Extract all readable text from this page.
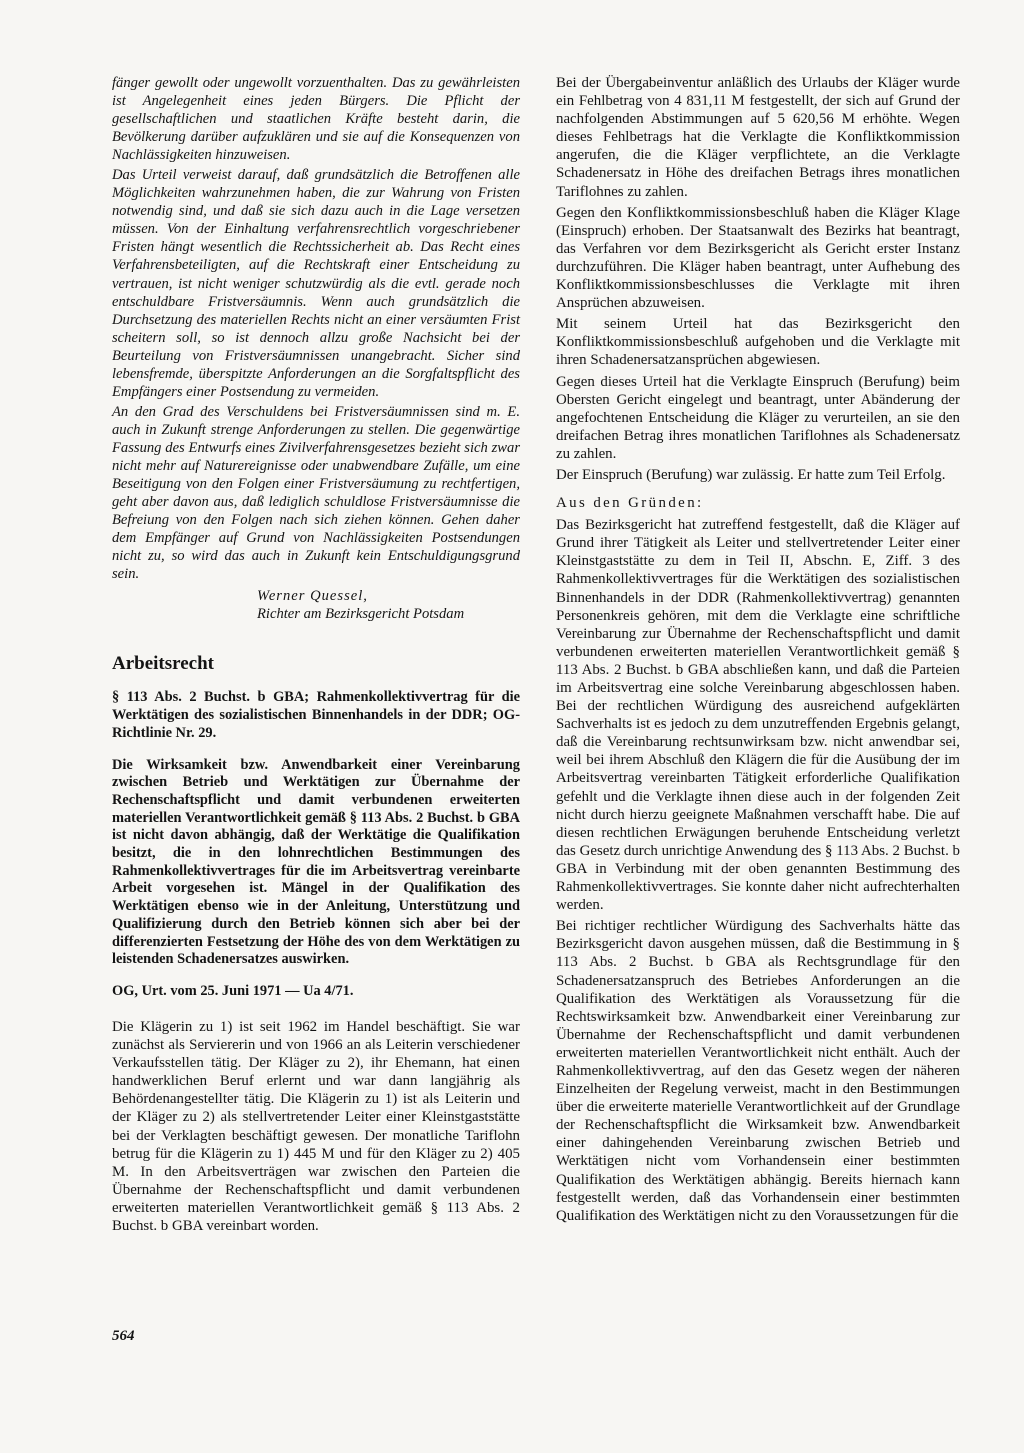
fänger gewollt oder ungewollt vorzuenthalten. Das zu gewährleisten ist Angelegenheit eines jeden Bürgers. Die Pflicht der gesellschaftlichen und staatlichen Kräfte besteht darin, die Bevölkerung darüber aufzuklären und sie auf die Konsequenzen von Nachlässigkeiten hinzuweisen.

Das Urteil verweist darauf, daß grundsätzlich die Betroffenen alle Möglichkeiten wahrzunehmen haben, die zur Wahrung von Fristen notwendig sind, und daß sie sich dazu auch in die Lage versetzen müssen. Von der Einhaltung verfahrensrechtlich vorgeschriebener Fristen hängt wesentlich die Rechtssicherheit ab. Das Recht eines Verfahrensbeteiligten, auf die Rechtskraft einer Entscheidung zu vertrauen, ist nicht weniger schutzwürdig als die evtl. gerade noch entschuldbare Fristversäumnis. Wenn auch grundsätzlich die Durchsetzung des materiellen Rechts nicht an einer versäumten Frist scheitern soll, so ist dennoch allzu große Nachsicht bei der Beurteilung von Fristversäumnissen unangebracht. Sicher sind lebensfremde, überspitzte Anforderungen an die Sorgfaltspflicht des Empfängers einer Postsendung zu vermeiden.

An den Grad des Verschuldens bei Fristversäumnissen sind m. E. auch in Zukunft strenge Anforderungen zu stellen. Die gegenwärtige Fassung des Entwurfs eines Zivilverfahrensgesetzes bezieht sich zwar nicht mehr auf Naturereignisse oder unabwendbare Zufälle, um eine Beseitigung von den Folgen einer Fristversäumung zu rechtfertigen, geht aber davon aus, daß lediglich schuldlose Fristversäumnisse die Befreiung von den Folgen nach sich ziehen können. Gehen daher dem Empfänger auf Grund von Nachlässigkeiten Postsendungen nicht zu, so wird das auch in Zukunft kein Entschuldigungsgrund sein.

Werner Quessel,
Richter am Bezirksgericht Potsdam
Arbeitsrecht

§ 113 Abs. 2 Buchst. b GBA; Rahmenkollektivvertrag für die Werktätigen des sozialistischen Binnenhandels in der DDR; OG-Richtlinie Nr. 29.

Die Wirksamkeit bzw. Anwendbarkeit einer Vereinbarung zwischen Betrieb und Werktätigen zur Übernahme der Rechenschaftspflicht und damit verbundenen erweiterten materiellen Verantwortlichkeit gemäß § 113 Abs. 2 Buchst. b GBA ist nicht davon abhängig, daß der Werktätige die Qualifikation besitzt, die in den lohnrechtlichen Bestimmungen des Rahmenkollektivvertrages für die im Arbeitsvertrag vereinbarte Arbeit vorgesehen ist. Mängel in der Qualifikation des Werktätigen ebenso wie in der Anleitung, Unterstützung und Qualifizierung durch den Betrieb können sich aber bei der differenzierten Festsetzung der Höhe des von dem Werktätigen zu leistenden Schadenersatzes auswirken.

OG, Urt. vom 25. Juni 1971 — Ua 4/71.

Die Klägerin zu 1) ist seit 1962 im Handel beschäftigt. Sie war zunächst als Serviererin und von 1966 an als Leiterin verschiedener Verkaufsstellen tätig. Der Kläger zu 2), ihr Ehemann, hat einen handwerklichen Beruf erlernt und war dann langjährig als Behördenangestellter tätig. Die Klägerin zu 1) ist als Leiterin und der Kläger zu 2) als stellvertretender Leiter einer Kleinstgaststätte bei der Verklagten beschäftigt gewesen. Der monatliche Tariflohn betrug für die Klägerin zu 1) 445 M und für den Kläger zu 2) 405 M. In den Arbeitsverträgen war zwischen den Parteien die Übernahme der Rechenschaftspflicht und damit verbundenen erweiterten materiellen Verantwortlichkeit gemäß § 113 Abs. 2 Buchst. b GBA vereinbart worden.

Bei der Übergabeinventur anläßlich des Urlaubs der Kläger wurde ein Fehlbetrag von 4 831,11 M festgestellt, der sich auf Grund der nachfolgenden Abstimmungen auf 5 620,56 M erhöhte. Wegen dieses Fehlbetrags hat die Verklagte die Konfliktkommission angerufen, die die Kläger verpflichtete, an die Verklagte Schadenersatz in Höhe des dreifachen Betrags ihres monatlichen Tariflohnes zu zahlen.

Gegen den Konfliktkommissionsbeschluß haben die Kläger Klage (Einspruch) erhoben. Der Staatsanwalt des Bezirks hat beantragt, das Verfahren vor dem Bezirksgericht als Gericht erster Instanz durchzuführen. Die Kläger haben beantragt, unter Aufhebung des Konfliktkommissionsbeschlusses die Verklagte mit ihren Ansprüchen abzuweisen.

Mit seinem Urteil hat das Bezirksgericht den Konfliktkommissionsbeschluß aufgehoben und die Verklagte mit ihren Schadenersatzansprüchen abgewiesen.

Gegen dieses Urteil hat die Verklagte Einspruch (Berufung) beim Obersten Gericht eingelegt und beantragt, unter Abänderung der angefochtenen Entscheidung die Kläger zu verurteilen, an sie den dreifachen Betrag ihres monatlichen Tariflohnes als Schadenersatz zu zahlen.

Der Einspruch (Berufung) war zulässig. Er hatte zum Teil Erfolg.

Aus den Gründen:

Das Bezirksgericht hat zutreffend festgestellt, daß die Kläger auf Grund ihrer Tätigkeit als Leiter und stellvertretender Leiter einer Kleinstgaststätte zu dem in Teil II, Abschn. E, Ziff. 3 des Rahmenkollektivvertrages für die Werktätigen des sozialistischen Binnenhandels in der DDR (Rahmenkollektivvertrag) genannten Personenkreis gehören, mit dem die Verklagte eine schriftliche Vereinbarung zur Übernahme der Rechenschaftspflicht und damit verbundenen erweiterten materiellen Verantwortlichkeit gemäß § 113 Abs. 2 Buchst. b GBA abschließen kann, und daß die Parteien im Arbeitsvertrag eine solche Vereinbarung abgeschlossen haben. Bei der rechtlichen Würdigung des ausreichend aufgeklärten Sachverhalts ist es jedoch zu dem unzutreffenden Ergebnis gelangt, daß die Vereinbarung rechtsunwirksam bzw. nicht anwendbar sei, weil bei ihrem Abschluß den Klägern die für die Ausübung der im Arbeitsvertrag vereinbarten Tätigkeit erforderliche Qualifikation gefehlt und die Verklagte ihnen diese auch in der folgenden Zeit nicht durch hierzu geeignete Maßnahmen verschafft habe. Die auf diesen rechtlichen Erwägungen beruhende Entscheidung verletzt das Gesetz durch unrichtige Anwendung des § 113 Abs. 2 Buchst. b GBA in Verbindung mit der oben genannten Bestimmung des Rahmenkollektivvertrages. Sie konnte daher nicht aufrechterhalten werden.

Bei richtiger rechtlicher Würdigung des Sachverhalts hätte das Bezirksgericht davon ausgehen müssen, daß die Bestimmung in § 113 Abs. 2 Buchst. b GBA als Rechtsgrundlage für den Schadenersatzanspruch des Betriebes Anforderungen an die Qualifikation des Werktätigen als Voraussetzung für die Rechtswirksamkeit bzw. Anwendbarkeit einer Vereinbarung zur Übernahme der Rechenschaftspflicht und damit verbundenen erweiterten materiellen Verantwortlichkeit nicht enthält. Auch der Rahmenkollektivvertrag, auf den das Gesetz wegen der näheren Einzelheiten der Regelung verweist, macht in den Bestimmungen über die erweiterte materielle Verantwortlichkeit auf der Grundlage der Rechenschaftspflicht die Wirksamkeit bzw. Anwendbarkeit einer dahingehenden Vereinbarung zwischen Betrieb und Werktätigen nicht vom Vorhandensein einer bestimmten Qualifikation des Werktätigen abhängig. Bereits hiernach kann festgestellt werden, daß das Vorhandensein einer bestimmten Qualifikation des Werktätigen nicht zu den Voraussetzungen für die

564
